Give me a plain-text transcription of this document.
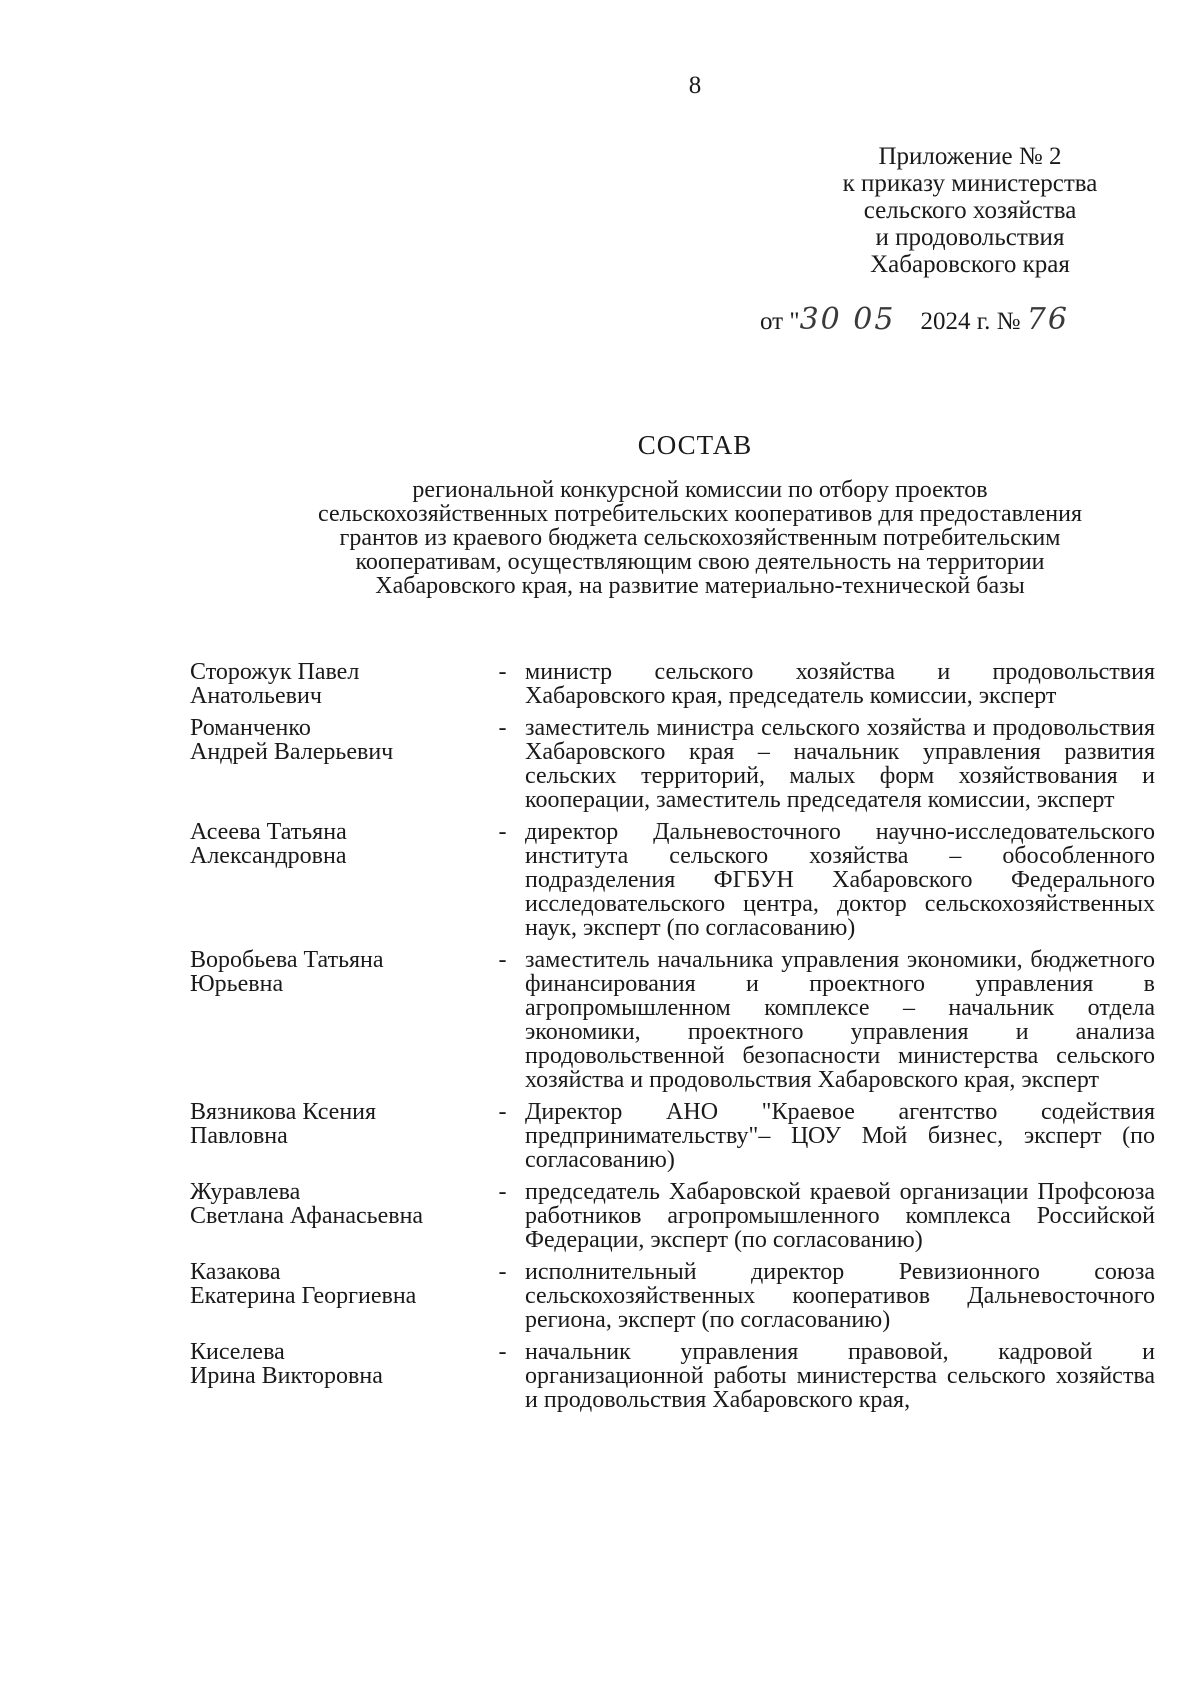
8
Приложение № 2
к приказу министерства
сельского хозяйства
и продовольствия
Хабаровского края
от "30 05 2024 г. № 76
СОСТАВ
региональной конкурсной комиссии по отбору проектов
сельскохозяйственных потребительских кооперативов для предоставления
грантов из краевого бюджета сельскохозяйственным потребительским
кооперативам, осуществляющим свою деятельность на территории
Хабаровского края, на развитие материально-технической базы
Сторожук Павел
Анатольевич
- министр сельского хозяйства и продовольствия Хабаровского края, председатель комиссии, эксперт
Романченко
Андрей Валерьевич
- заместитель министра сельского хозяйства и продовольствия Хабаровского края – начальник управления развития сельских территорий, малых форм хозяйствования и кооперации, заместитель председателя комиссии, эксперт
Асеева Татьяна
Александровна
- директор Дальневосточного научно-исследовательского института сельского хозяйства – обособленного подразделения ФГБУН Хабаровского Федерального исследовательского центра, доктор сельскохозяйственных наук, эксперт (по согласованию)
Воробьева Татьяна
Юрьевна
- заместитель начальника управления экономики, бюджетного финансирования и проектного управления в агропромышленном комплексе – начальник отдела экономики, проектного управления и анализа продовольственной безопасности министерства сельского хозяйства и продовольствия Хабаровского края, эксперт
Вязникова Ксения
Павловна
- Директор АНО "Краевое агентство содействия предпринимательству"– ЦОУ Мой бизнес, эксперт (по согласованию)
Журавлева
Светлана Афанасьевна
- председатель Хабаровской краевой организации Профсоюза работников агропромышленного комплекса Российской Федерации, эксперт (по согласованию)
Казакова
Екатерина Георгиевна
- исполнительный директор Ревизионного союза сельскохозяйственных кооперативов Дальневосточного региона, эксперт (по согласованию)
Киселева
Ирина Викторовна
- начальник управления правовой, кадровой и организационной работы министерства сельского хозяйства и продовольствия Хабаровского края,
